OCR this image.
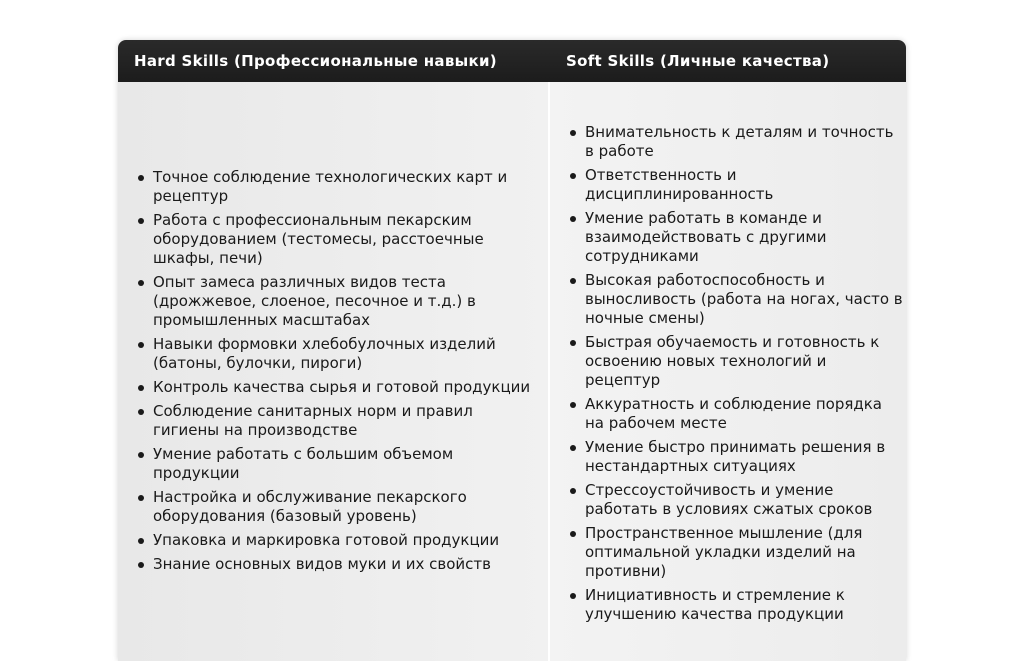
Hard Skills (Профессиональные навыки)	Soft Skills (Личные качества)
Точное соблюдение технологических карт и рецептур
Работа с профессиональным пекарским оборудованием (тестомесы, расстоечные шкафы, печи)
Опыт замеса различных видов теста (дрожжевое, слоеное, песочное и т.д.) в промышленных масштабах
Навыки формовки хлебобулочных изделий (батоны, булочки, пироги)
Контроль качества сырья и готовой продукции
Соблюдение санитарных норм и правил гигиены на производстве
Умение работать с большим объемом продукции
Настройка и обслуживание пекарского оборудования (базовый уровень)
Упаковка и маркировка готовой продукции
Знание основных видов муки и их свойств
Внимательность к деталям и точность в работе
Ответственность и дисциплинированность
Умение работать в команде и взаимодействовать с другими сотрудниками
Высокая работоспособность и выносливость (работа на ногах, часто в ночные смены)
Быстрая обучаемость и готовность к освоению новых технологий и рецептур
Аккуратность и соблюдение порядка на рабочем месте
Умение быстро принимать решения в нестандартных ситуациях
Стрессоустойчивость и умение работать в условиях сжатых сроков
Пространственное мышление (для оптимальной укладки изделий на противни)
Инициативность и стремление к улучшению качества продукции
